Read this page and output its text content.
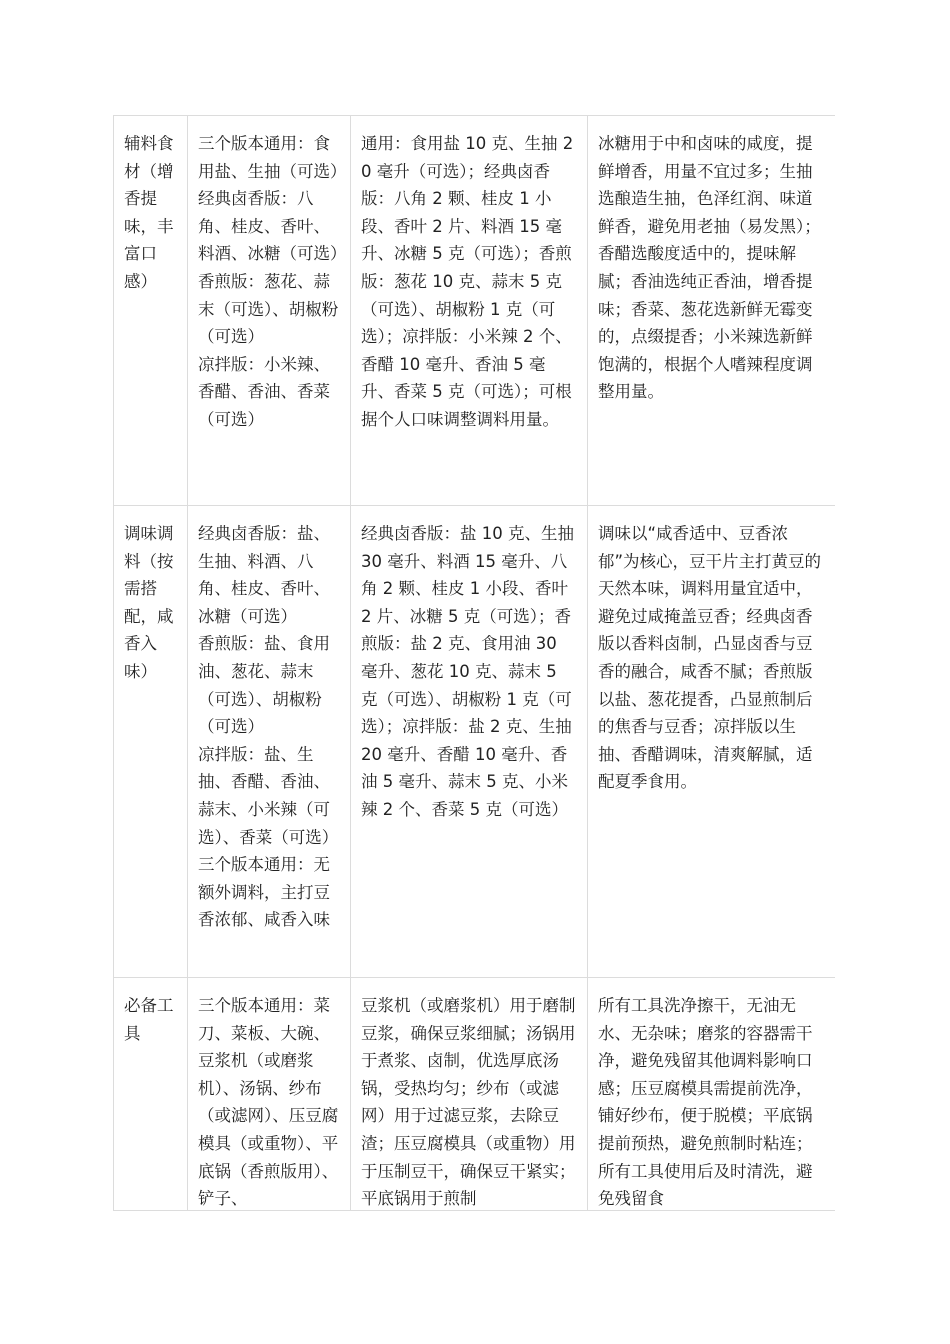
辅料食材（增香提味，丰富口感）	三个版本通用：食用盐、生抽（可选）

经典卤香版：八角、桂皮、香叶、料酒、冰糖（可选）

香煎版：葱花、蒜末（可选）、胡椒粉（可选）

凉拌版：小米辣、香醋、香油、香菜（可选）	通用：食用盐 10 克、生抽 20 毫升（可选）；经典卤香版：八角 2 颗、桂皮 1 小段、香叶 2 片、料酒 15 毫升、冰糖 5 克（可选）；香煎版：葱花 10 克、蒜末 5 克（可选）、胡椒粉 1 克（可选）；凉拌版：小米辣 2 个、香醋 10 毫升、香油 5 毫升、香菜 5 克（可选）；可根据个人口味调整调料用量。	冰糖用于中和卤味的咸度，提鲜增香，用量不宜过多；生抽选酿造生抽，色泽红润、味道鲜香，避免用老抽（易发黑）；香醋选酸度适中的，提味解腻；香油选纯正香油，增香提味；香菜、葱花选新鲜无霉变的，点缀提香；小米辣选新鲜饱满的，根据个人嗜辣程度调整用量。
调味调料（按需搭配，咸香入味）	经典卤香版：盐、生抽、料酒、八角、桂皮、香叶、冰糖（可选）

香煎版：盐、食用油、葱花、蒜末（可选）、胡椒粉（可选）

凉拌版：盐、生抽、香醋、香油、蒜末、小米辣（可选）、香菜（可选）

三个版本通用：无额外调料，主打豆香浓郁、咸香入味	经典卤香版：盐 10 克、生抽 30 毫升、料酒 15 毫升、八角 2 颗、桂皮 1 小段、香叶 2 片、冰糖 5 克（可选）；香煎版：盐 2 克、食用油 30 毫升、葱花 10 克、蒜末 5 克（可选）、胡椒粉 1 克（可选）；凉拌版：盐 2 克、生抽 20 毫升、香醋 10 毫升、香油 5 毫升、蒜末 5 克、小米辣 2 个、香菜 5 克（可选）	调味以“咸香适中、豆香浓郁”为核心，豆干片主打黄豆的天然本味，调料用量宜适中，避免过咸掩盖豆香；经典卤香版以香料卤制，凸显卤香与豆香的融合，咸香不腻；香煎版以盐、葱花提香，凸显煎制后的焦香与豆香；凉拌版以生抽、香醋调味，清爽解腻，适配夏季食用。
必备工具	三个版本通用：菜刀、菜板、大碗、豆浆机（或磨浆机）、汤锅、纱布（或滤网）、压豆腐模具（或重物）、平底锅（香煎版用）、铲子、	豆浆机（或磨浆机）用于磨制豆浆，确保豆浆细腻；汤锅用于煮浆、卤制，优选厚底汤锅，受热均匀；纱布（或滤网）用于过滤豆浆，去除豆渣；压豆腐模具（或重物）用于压制豆干，确保豆干紧实；平底锅用于煎制	所有工具洗净擦干，无油无水、无杂味；磨浆的容器需干净，避免残留其他调料影响口感；压豆腐模具需提前洗净，铺好纱布，便于脱模；平底锅提前预热，避免煎制时粘连；所有工具使用后及时清洗，避免残留食
